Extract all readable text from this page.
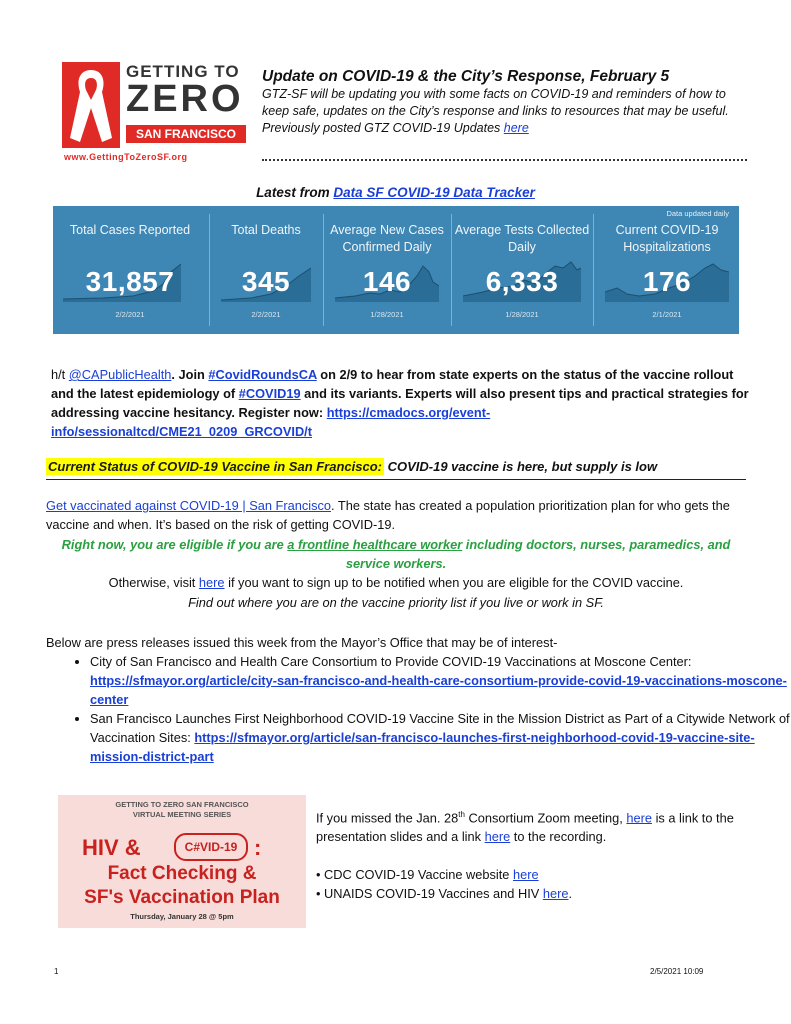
GETTING TO
ZERO
SAN FRANCISCO
www.GettingToZeroSF.org
Update on COVID-19 & the City’s Response, February 5
GTZ-SF will be updating you with some facts on COVID-19 and reminders of how to keep safe, updates on the City’s response and links to resources that may be useful.
Previously posted GTZ COVID-19 Updates here
Latest from Data SF COVID-19 Data Tracker
Data updated daily
Total Cases Reported
31,857
2/2/2021
Total Deaths
345
2/2/2021
Average New Cases Confirmed Daily
146
1/28/2021
Average Tests Collected Daily
6,333
1/28/2021
Current COVID-19 Hospitalizations
176
2/1/2021
h/t @CAPublicHealth. Join #CovidRoundsCA on 2/9 to hear from state experts on the status of the vaccine rollout and the latest epidemiology of #COVID19 and its variants. Experts will also present tips and practical strategies for addressing vaccine hesitancy. Register now: https://cmadocs.org/event-info/sessionaltcd/CME21_0209_GRCOVID/t
Current Status of COVID-19 Vaccine in San Francisco: COVID-19 vaccine is here, but supply is low
Get vaccinated against COVID-19 | San Francisco. The state has created a population prioritization plan for who gets the vaccine and when. It’s based on the risk of getting COVID-19.
Right now, you are eligible if you are a frontline healthcare worker including doctors, nurses, paramedics, and service workers.
Otherwise, visit here if you want to sign up to be notified when you are eligible for the COVID vaccine.
Find out where you are on the vaccine priority list if you live or work in SF.
Below are press releases issued this week from the Mayor’s Office that may be of interest-
• City of San Francisco and Health Care Consortium to Provide COVID-19 Vaccinations at Moscone Center: https://sfmayor.org/article/city-san-francisco-and-health-care-consortium-provide-covid-19-vaccinations-moscone-center
• San Francisco Launches First Neighborhood COVID-19 Vaccine Site in the Mission District as Part of a Citywide Network of Vaccination Sites: https://sfmayor.org/article/san-francisco-launches-first-neighborhood-covid-19-vaccine-site-mission-district-part
GETTING TO ZERO SAN FRANCISCO
VIRTUAL MEETING SERIES
HIV &	C#VID-19 :
Fact Checking &
SF's Vaccination Plan
Thursday, January 28 @ 5pm
If you missed the Jan. 28th Consortium Zoom meeting, here is a link to the presentation slides and a link here to the recording.
• CDC COVID-19 Vaccine website here
• UNAIDS COVID-19 Vaccines and HIV here.
1	2/5/2021 10:09
